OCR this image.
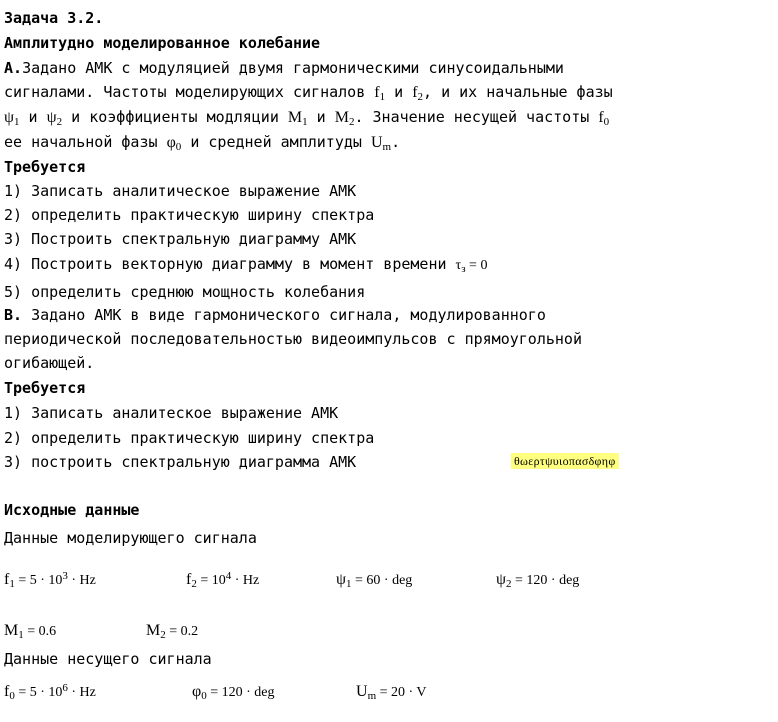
Задача 3.2.
Амплитудно моделированное колебание
А.Задано АМК с модуляцией двумя гармоническими синусоидальными
сигналами. Частоты моделирующих сигналов $f_1$ и $f_2$, и их начальные фазы
$\psi_1$ и $\psi_2$ и коэффициенты модляции $M_1$ и $M_2$. Значение несущей частоты $f_0$
ее начальной фазы $\varphi_0$ и средней амплитуды $U_m$.
Требуется
1) Записать аналитическое выражение АМК
2) определить практическую ширину спектра
3) Построить спектральную диаграмму АМК
4) Построить векторную диаграмму в момент времени $\tau_з = 0$
5) определить среднюю мощность колебания
В. Задано АМК в виде гармонического сигнала, модулированного
периодической последовательностью видеоимпульсов с прямоугольной
огибающей.
Требуется
1) Записать аналитеское выражение АМК
2) определить практическую ширину спектра
3) построить спектральную диаграмма АМК	θωερτψυιοπασδφηφ
Исходные данные
Данные моделирующего сигнала
$f_1 = 5 \cdot 10^3 \cdot Hz$	$f_2 = 10^4 \cdot Hz$	$\psi_1 = 60$ · deg	$\psi_2 = 120$ · deg
$M_1 = 0.6$	$M_2 = 0.2$
Данные несущего сигнала
$f_0 = 5 \cdot 10^6 \cdot Hz$	$\varphi_0 = 120$ · deg	$U_m = 20 \cdot V$
